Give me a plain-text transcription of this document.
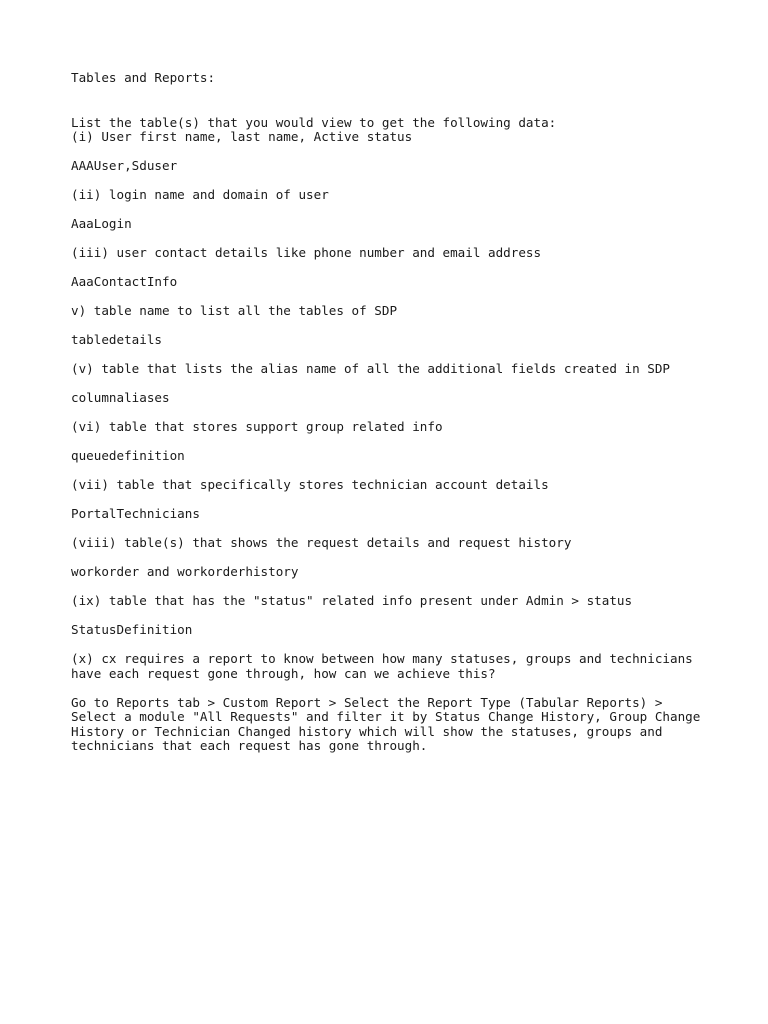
Tables and Reports:

List the table(s) that you would view to get the following data:

(i) User first name, last name, Active status

AAAUser,Sduser

(ii) login name and domain of user

AaaLogin

(iii) user contact details like phone number and email address

AaaContactInfo

v) table name to list all the tables of SDP

tabledetails

(v) table that lists the alias name of all the additional fields created in SDP

columnaliases

(vi) table that stores support group related info

queuedefinition

(vii) table that specifically stores technician account details

PortalTechnicians

(viii) table(s) that shows the request details and request history

workorder and workorderhistory

(ix) table that has the "status" related info present under Admin > status

StatusDefinition

(x) cx requires a report to know between how many statuses, groups and technicians

have each request gone through, how can we achieve this?

Go to Reports tab > Custom Report > Select the Report Type (Tabular Reports) >

Select a module "All Requests" and filter it by Status Change History, Group Change

History or Technician Changed history which will show the statuses, groups and

technicians that each request has gone through.
